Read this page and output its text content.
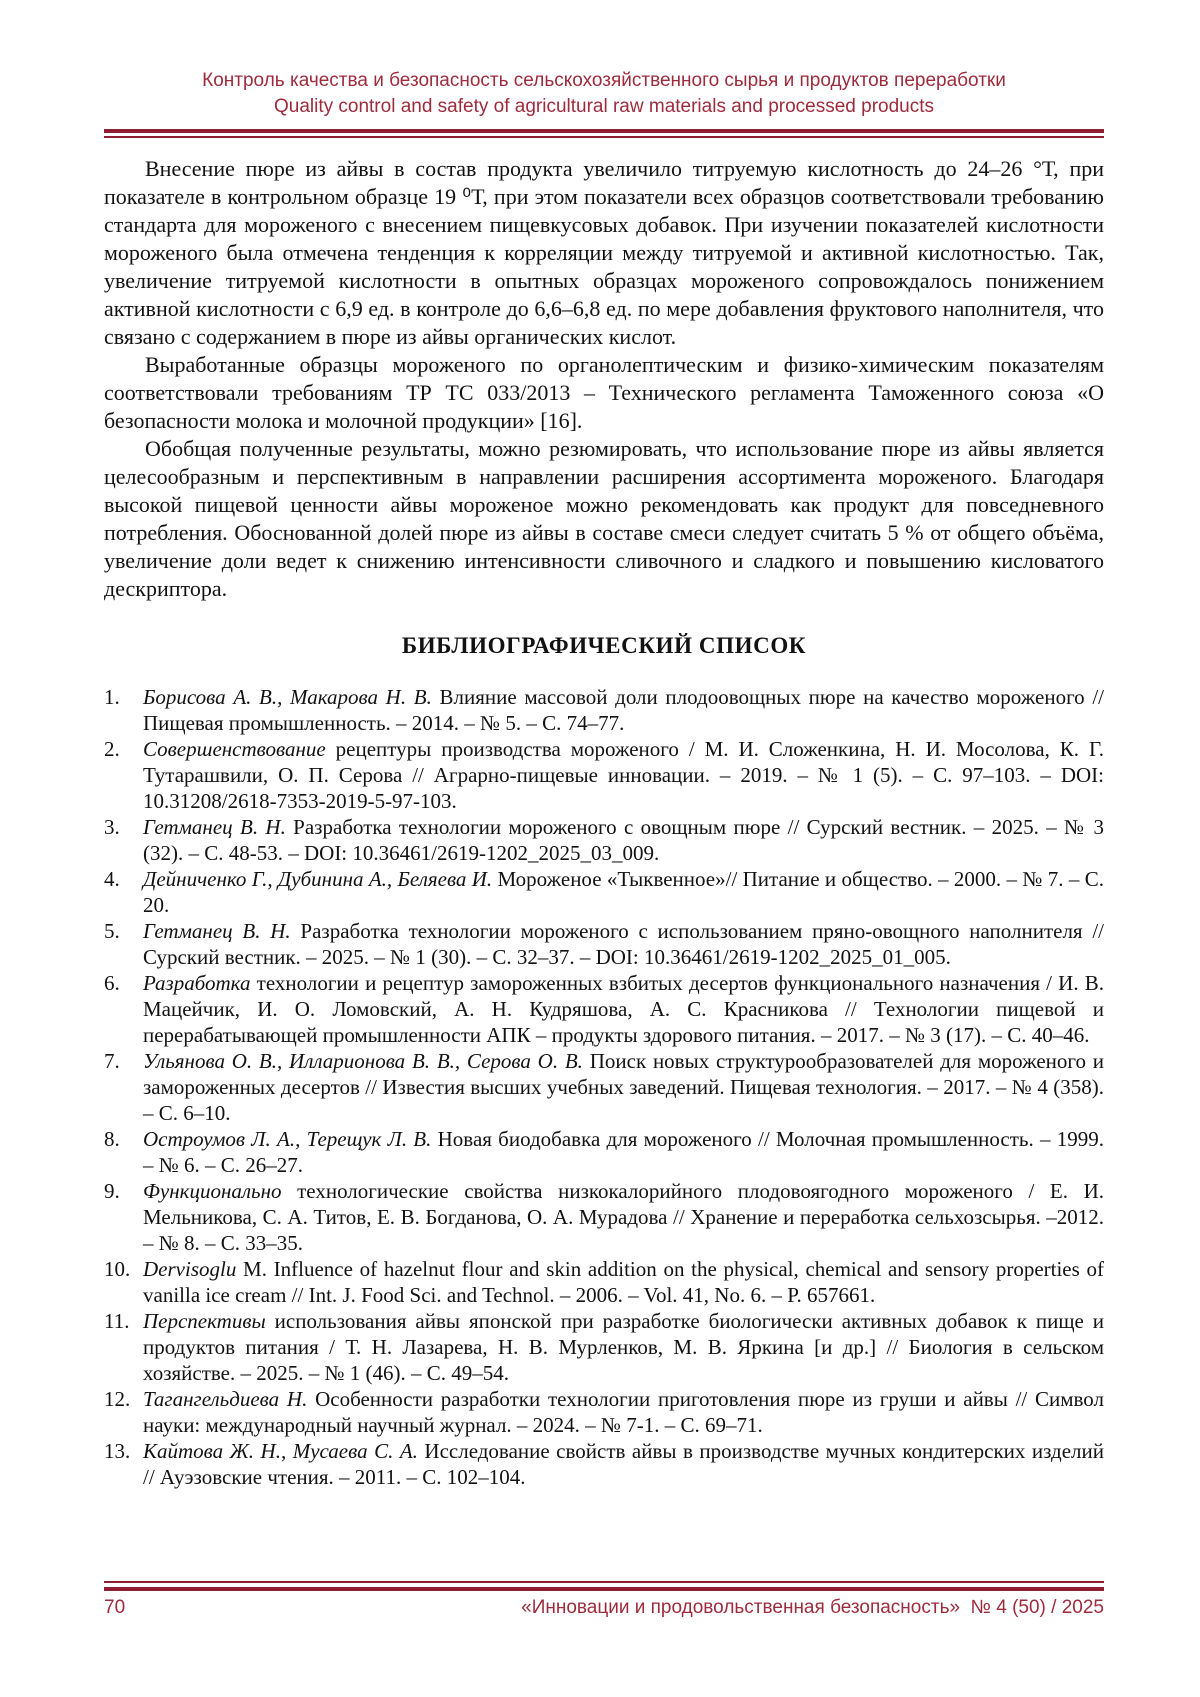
Контроль качества и безопасность сельскохозяйственного сырья и продуктов переработки
Quality control and safety of agricultural raw materials and processed products

Внесение пюре из айвы в состав продукта увеличило титруемую кислотность до 24–26 °Т, при показателе в контрольном образце 19 ⁰Т, при этом показатели всех образцов соответствовали требованию стандарта для мороженого с внесением пищевкусовых добавок. При изучении показателей кислотности мороженого была отмечена тенденция к корреляции между титруемой и активной кислотностью. Так, увеличение титруемой кислотности в опытных образцах мороженого сопровождалось понижением активной кислотности с 6,9 ед. в контроле до 6,6–6,8 ед. по мере добавления фруктового наполнителя, что связано с содержанием в пюре из айвы органических кислот.

Выработанные образцы мороженого по органолептическим и физико-химическим показателям соответствовали требованиям ТР ТС 033/2013 – Технического регламента Таможенного союза «О безопасности молока и молочной продукции» [16].

Обобщая полученные результаты, можно резюмировать, что использование пюре из айвы является целесообразным и перспективным в направлении расширения ассортимента мороженого. Благодаря высокой пищевой ценности айвы мороженое можно рекомендовать как продукт для повседневного потребления. Обоснованной долей пюре из айвы в составе смеси следует считать 5 % от общего объёма, увеличение доли ведет к снижению интенсивности сливочного и сладкого и повышению кисловатого дескриптора.

БИБЛИОГРАФИЧЕСКИЙ СПИСОК
1. Борисова А. В., Макарова Н. В. Влияние массовой доли плодоовощных пюре на качество мороженого // Пищевая промышленность. – 2014. – № 5. – С. 74–77.
2. Совершенствование рецептуры производства мороженого / М. И. Сложенкина, Н. И. Мосолова, К. Г. Тутарашвили, О. П. Серова // Аграрно-пищевые инновации. – 2019. – № 1 (5). – С. 97–103. – DOI: 10.31208/2618-7353-2019-5-97-103.
3. Гетманец В. Н. Разработка технологии мороженого с овощным пюре // Сурский вестник. – 2025. – № 3 (32). – С. 48-53. – DOI: 10.36461/2619-1202_2025_03_009.
4. Дейниченко Г., Дубинина А., Беляева И. Мороженое «Тыквенное»// Питание и общество. – 2000. – № 7. – С. 20.
5. Гетманец В. Н. Разработка технологии мороженого с использованием пряно-овощного наполнителя // Сурский вестник. – 2025. – № 1 (30). – С. 32–37. – DOI: 10.36461/2619-1202_2025_01_005.
6. Разработка технологии и рецептур замороженных взбитых десертов функционального назначения / И. В. Мацейчик, И. О. Ломовский, А. Н. Кудряшова, А. С. Красникова // Технологии пищевой и перерабатывающей промышленности АПК – продукты здорового питания. – 2017. – № 3 (17). – С. 40–46.
7. Ульянова О. В., Илларионова В. В., Серова О. В. Поиск новых структурообразователей для мороженого и замороженных десертов // Известия высших учебных заведений. Пищевая технология. – 2017. – № 4 (358). – С. 6–10.
8. Остроумов Л. А., Терещук Л. В. Новая биодобавка для мороженого // Молочная промышленность. – 1999. – № 6. – С. 26–27.
9. Функционально технологические свойства низкокалорийного плодовоягодного мороженого / Е. И. Мельникова, С. А. Титов, Е. В. Богданова, О. А. Мурадова // Хранение и переработка сельхозсырья. –2012. – № 8. – С. 33–35.
10. Dervisoglu M. Influence of hazelnut flour and skin addition on the physical, chemical and sensory properties of vanilla ice cream // Int. J. Food Sci. and Technol. – 2006. – Vol. 41, No. 6. – P. 657661.
11. Перспективы использования айвы японской при разработке биологически активных добавок к пище и продуктов питания / Т. Н. Лазарева, Н. В. Мурленков, М. В. Яркина [и др.] // Биология в сельском хозяйстве. – 2025. – № 1 (46). – С. 49–54.
12. Тагангельдиева Н. Особенности разработки технологии приготовления пюре из груши и айвы // Символ науки: международный научный журнал. – 2024. – № 7-1. – С. 69–71.
13. Кайтова Ж. Н., Мусаева С. А. Исследование свойств айвы в производстве мучных кондитерских изделий // Ауэзовские чтения. – 2011. – С. 102–104.
70	«Инновации и продовольственная безопасность»  № 4 (50) / 2025
